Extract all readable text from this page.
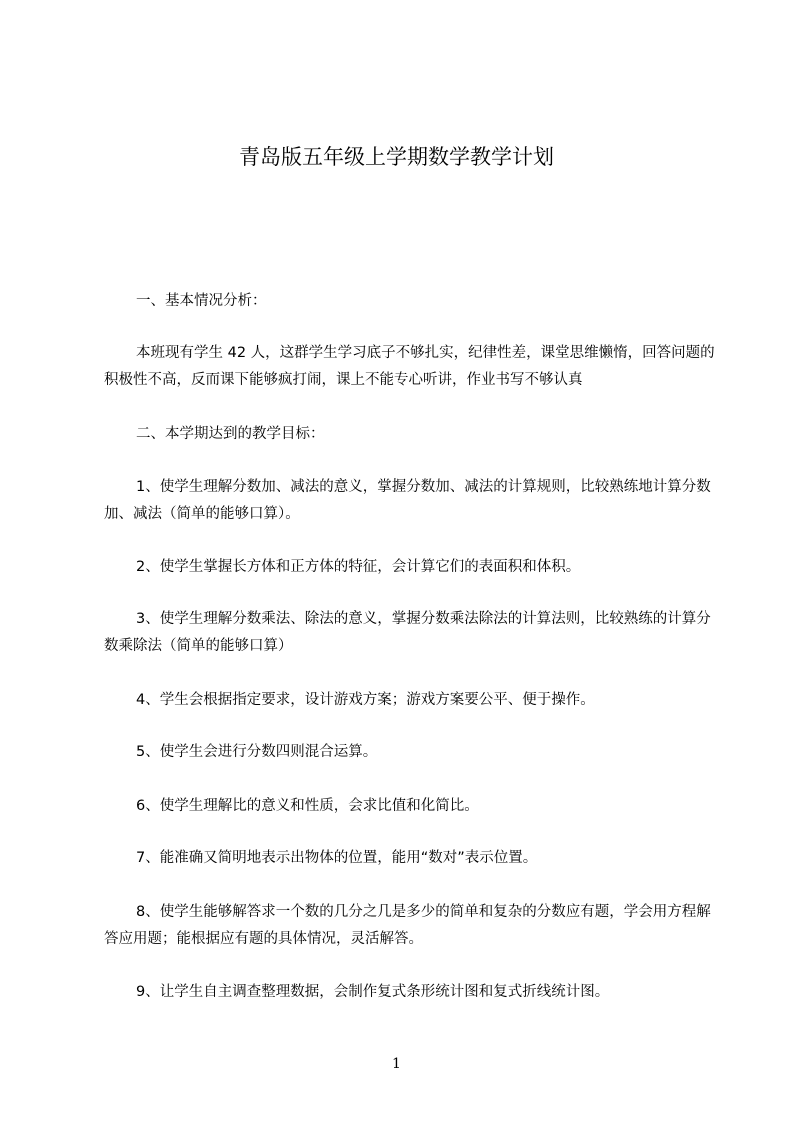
青岛版五年级上学期数学教学计划

一、基本情况分析：

本班现有学生 42 人，这群学生学习底子不够扎实，纪律性差，课堂思维懒惰，回答问题的积极性不高，反而课下能够疯打闹，课上不能专心听讲，作业书写不够认真

二、本学期达到的教学目标：

1、使学生理解分数加、减法的意义，掌握分数加、减法的计算规则，比较熟练地计算分数加、减法（简单的能够口算）。

2、使学生掌握长方体和正方体的特征，会计算它们的表面积和体积。

3、使学生理解分数乘法、除法的意义，掌握分数乘法除法的计算法则，比较熟练的计算分数乘除法（简单的能够口算）

4、学生会根据指定要求，设计游戏方案；游戏方案要公平、便于操作。

5、使学生会进行分数四则混合运算。

6、使学生理解比的意义和性质，会求比值和化简比。

7、能准确又简明地表示出物体的位置，能用“数对”表示位置。

8、使学生能够解答求一个数的几分之几是多少的简单和复杂的分数应有题，学会用方程解答应用题；能根据应有题的具体情况，灵活解答。

9、让学生自主调查整理数据，会制作复式条形统计图和复式折线统计图。

1
